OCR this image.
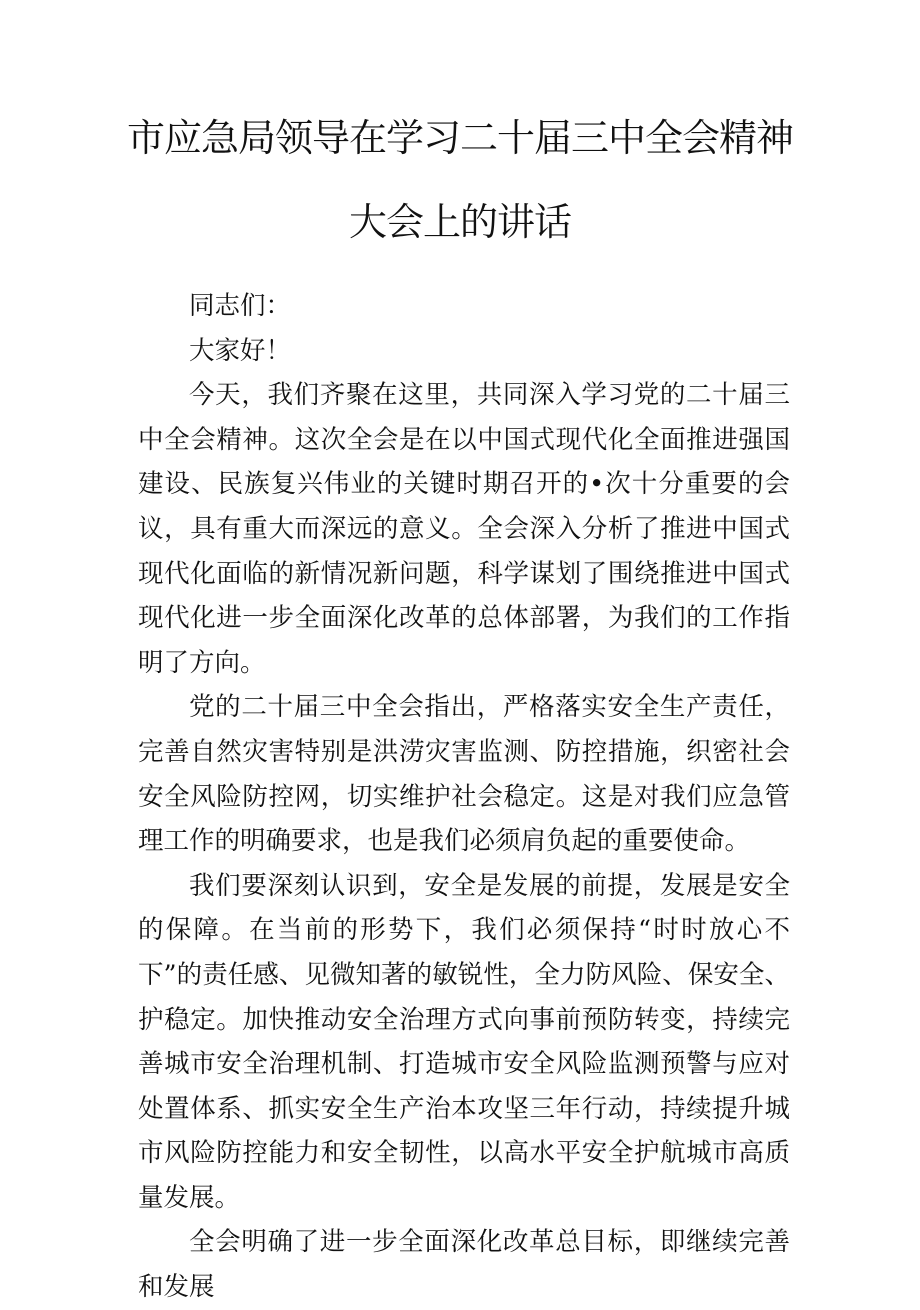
市应急局领导在学习二十届三中全会精神
大会上的讲话

同志们：

大家好！

今天，我们齐聚在这里，共同深入学习党的二十届三中全会精神。这次全会是在以中国式现代化全面推进强国建设、民族复兴伟业的关键时期召开的•次十分重要的会议，具有重大而深远的意义。全会深入分析了推进中国式现代化面临的新情况新问题，科学谋划了围绕推进中国式现代化进一步全面深化改革的总体部署，为我们的工作指明了方向。

党的二十届三中全会指出，严格落实安全生产责任，完善自然灾害特别是洪涝灾害监测、防控措施，织密社会安全风险防控网，切实维护社会稳定。这是对我们应急管理工作的明确要求，也是我们必须肩负起的重要使命。

我们要深刻认识到，安全是发展的前提，发展是安全的保障。在当前的形势下，我们必须保持“时时放心不下”的责任感、见微知著的敏锐性，全力防风险、保安全、护稳定。加快推动安全治理方式向事前预防转变，持续完善城市安全治理机制、打造城市安全风险监测预警与应对处置体系、抓实安全生产治本攻坚三年行动，持续提升城市风险防控能力和安全韧性，以高水平安全护航城市高质量发展。

全会明确了进一步全面深化改革总目标，即继续完善和发展
